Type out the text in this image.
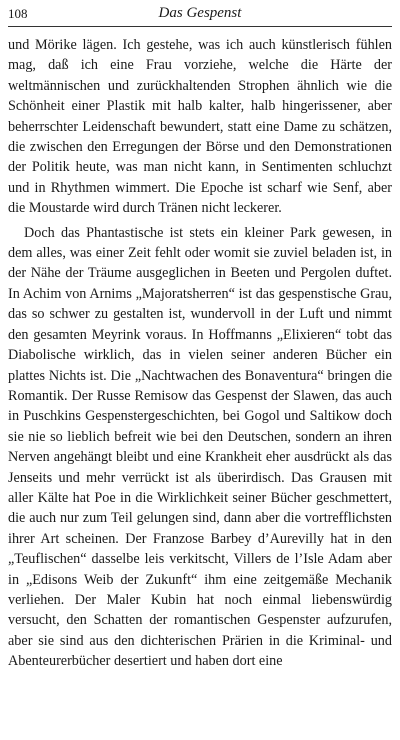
108	Das Gespenst

und Mörike lägen. Ich gestehe, was ich auch künstlerisch fühlen mag, daß ich eine Frau vorziehe, welche die Härte der weltmännischen und zurückhaltenden Strophen ähnlich wie die Schönheit einer Plastik mit halb kalter, halb hingerissener, aber beherrschter Leidenschaft bewundert, statt eine Dame zu schätzen, die zwischen den Erregungen der Börse und den Demonstrationen der Politik heute, was man nicht kann, in Sentimenten schluchzt und in Rhythmen wimmert. Die Epoche ist scharf wie Senf, aber die Moustarde wird durch Tränen nicht leckerer.

Doch das Phantastische ist stets ein kleiner Park gewesen, in dem alles, was einer Zeit fehlt oder womit sie zuviel beladen ist, in der Nähe der Träume ausgeglichen in Beeten und Pergolen duftet. In Achim von Arnims „Majoratsherren“ ist das gespenstische Grau, das so schwer zu gestalten ist, wundervoll in der Luft und nimmt den gesamten Meyrink voraus. In Hoffmanns „Elixieren“ tobt das Diabolische wirklich, das in vielen seiner anderen Bücher ein plattes Nichts ist. Die „Nachtwachen des Bonaventura“ bringen die Romantik. Der Russe Remisow das Gespenst der Slawen, das auch in Puschkins Gespenstergeschichten, bei Gogol und Saltikow doch sie nie so lieblich befreit wie bei den Deutschen, sondern an ihren Nerven angehängt bleibt und eine Krankheit eher ausdrückt als das Jenseits und mehr verrückt ist als überirdisch. Das Grausen mit aller Kälte hat Poe in die Wirklichkeit seiner Bücher geschmettert, die auch nur zum Teil gelungen sind, dann aber die vortrefflichsten ihrer Art scheinen. Der Franzose Barbey d’Aurevilly hat in den „Teuflischen“ dasselbe leis verkitscht, Villers de l’Isle Adam aber in „Edisons Weib der Zukunft“ ihm eine zeitgemäße Mechanik verliehen. Der Maler Kubin hat noch einmal liebenswürdig versucht, den Schatten der romantischen Gespenster aufzurufen, aber sie sind aus den dichterischen Prärien in die Kriminal- und Abenteurerbücher desertiert und haben dort eine
